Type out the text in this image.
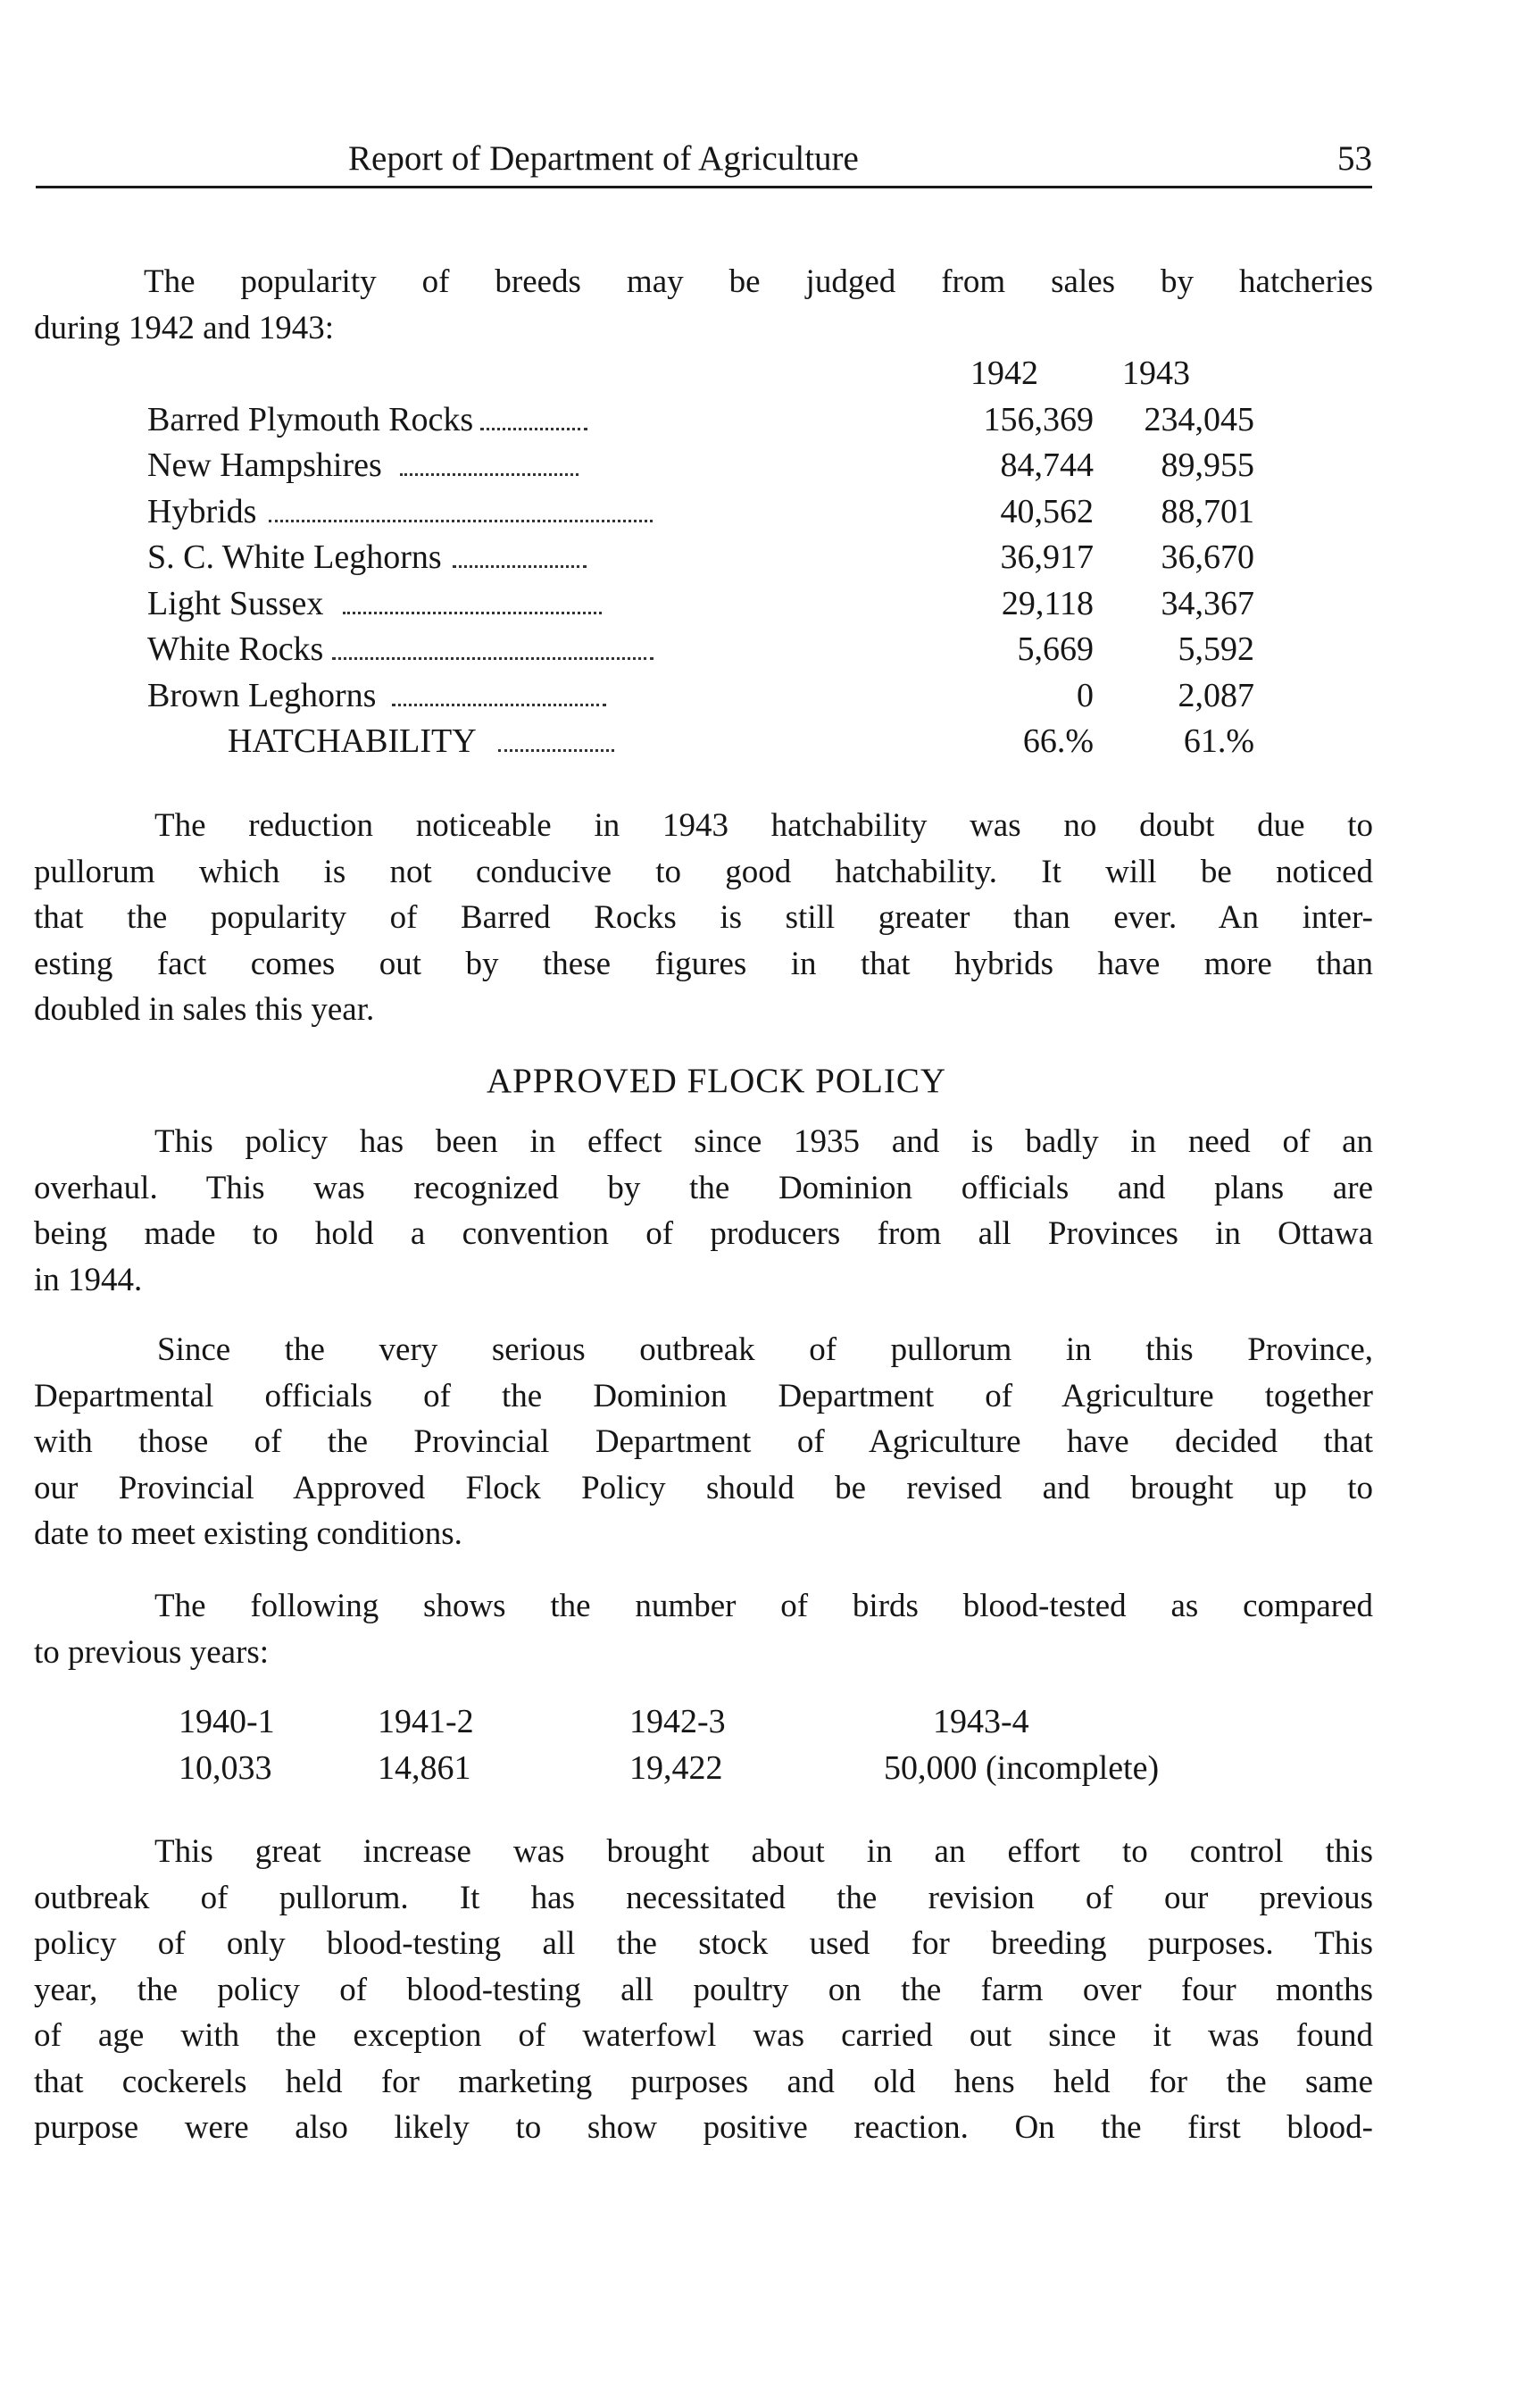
Report of Department of Agriculture	53

The popularity of breeds may be judged from sales by hatcheries
during 1942 and 1943:

1942	1943
Barred Plymouth Rocks	156,369	234,045
New Hampshires	84,744	89,955
Hybrids	40,562	88,701
S. C. White Leghorns	36,917	36,670
Light Sussex	29,118	34,367
White Rocks	5,669	5,592
Brown Leghorns	0	2,087
HATCHABILITY	66.%	61.%

The reduction noticeable in 1943 hatchability was no doubt due to
pullorum which is not conducive to good hatchability. It will be noticed
that the popularity of Barred Rocks is still greater than ever. An inter-
esting fact comes out by these figures in that hybrids have more than
doubled in sales this year.

APPROVED FLOCK POLICY

This policy has been in effect since 1935 and is badly in need of an
overhaul. This was recognized by the Dominion officials and plans are
being made to hold a convention of producers from all Provinces in Ottawa
in 1944.

Since the very serious outbreak of pullorum in this Province,
Departmental officials of the Dominion Department of Agriculture together
with those of the Provincial Department of Agriculture have decided that
our Provincial Approved Flock Policy should be revised and brought up to
date to meet existing conditions.

The following shows the number of birds blood-tested as compared
to previous years:

1940-1	1941-2	1942-3	1943-4
10,033	14,861	19,422	50,000 (incomplete)

This great increase was brought about in an effort to control this
outbreak of pullorum. It has necessitated the revision of our previous
policy of only blood-testing all the stock used for breeding purposes. This
year, the policy of blood-testing all poultry on the farm over four months
of age with the exception of waterfowl was carried out since it was found
that cockerels held for marketing purposes and old hens held for the same
purpose were also likely to show positive reaction. On the first blood-
